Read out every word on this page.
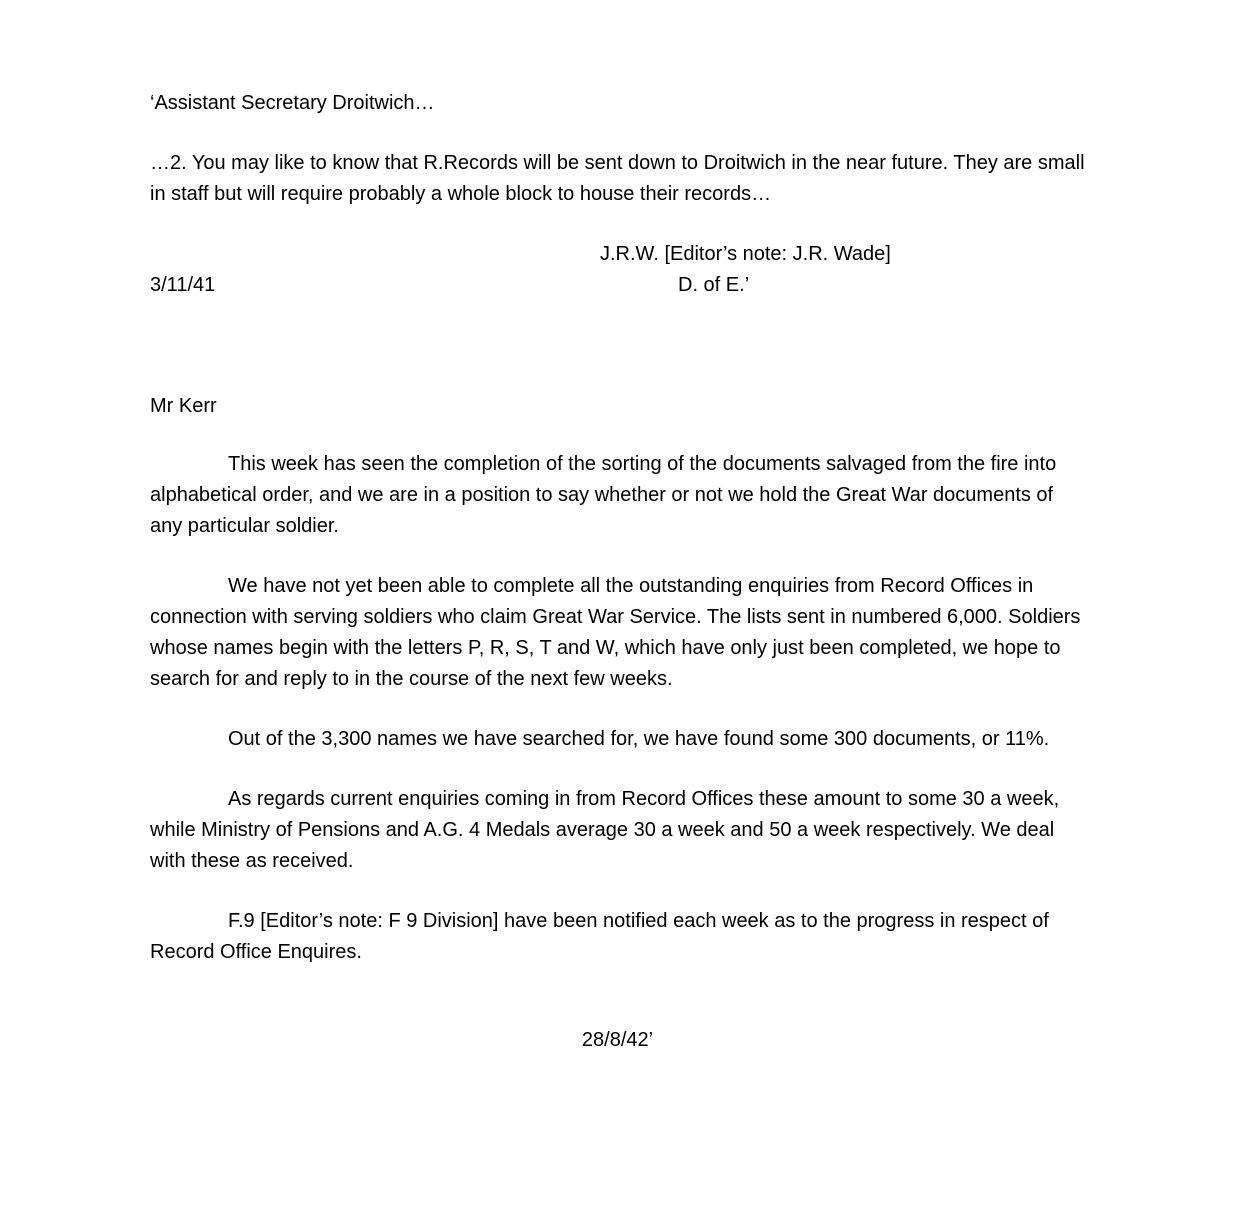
‘Assistant Secretary Droitwich…

…2. You may like to know that R.Records will be sent down to Droitwich in the near future. They are small in staff but will require probably a whole block to house their records…

J.R.W. [Editor’s note: J.R. Wade]

3/11/41	D. of E.’

Mr Kerr

This week has seen the completion of the sorting of the documents salvaged from the fire into alphabetical order, and we are in a position to say whether or not we hold the Great War documents of any particular soldier.

We have not yet been able to complete all the outstanding enquiries from Record Offices in connection with serving soldiers who claim Great War Service. The lists sent in numbered 6,000. Soldiers whose names begin with the letters P, R, S, T and W, which have only just been completed, we hope to search for and reply to in the course of the next few weeks.

Out of the 3,300 names we have searched for, we have found some 300 documents, or 11%.

As regards current enquiries coming in from Record Offices these amount to some 30 a week, while Ministry of Pensions and A.G. 4 Medals average 30 a week and 50 a week respectively. We deal with these as received.

F.9 [Editor’s note: F 9 Division] have been notified each week as to the progress in respect of Record Office Enquires.

28/8/42’
